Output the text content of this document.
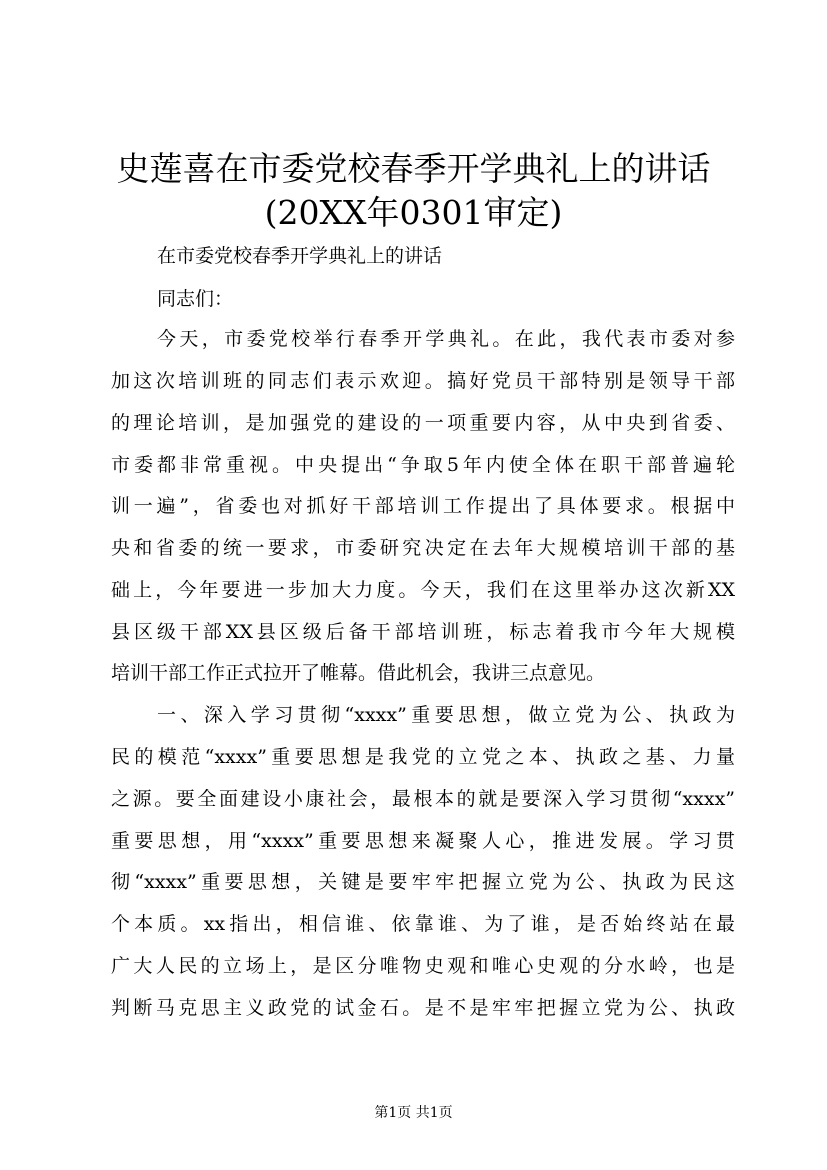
史莲喜在市委党校春季开学典礼上的讲话
(20XX年0301审定)
在市委党校春季开学典礼上的讲话
同志们：
今天，市委党校举行春季开学典礼。在此，我代表市委对参
加这次培训班的同志们表示欢迎。搞好党员干部特别是领导干部
的理论培训，是加强党的建设的一项重要内容，从中央到省委、
市委都非常重视。中央提出“争取5年内使全体在职干部普遍轮
训一遍”，省委也对抓好干部培训工作提出了具体要求。根据中
央和省委的统一要求，市委研究决定在去年大规模培训干部的基
础上，今年要进一步加大力度。今天，我们在这里举办这次新XX
县区级干部XX县区级后备干部培训班，标志着我市今年大规模
培训干部工作正式拉开了帷幕。借此机会，我讲三点意见。
一、深入学习贯彻“xxxx”重要思想，做立党为公、执政为
民的模范“xxxx”重要思想是我党的立党之本、执政之基、力量
之源。要全面建设小康社会，最根本的就是要深入学习贯彻“xxxx”
重要思想，用“xxxx”重要思想来凝聚人心，推进发展。学习贯
彻“xxxx”重要思想，关键是要牢牢把握立党为公、执政为民这
个本质。xx指出，相信谁、依靠谁、为了谁，是否始终站在最
广大人民的立场上，是区分唯物史观和唯心史观的分水岭，也是
判断马克思主义政党的试金石。是不是牢牢把握立党为公、执政
第1页 共1页
